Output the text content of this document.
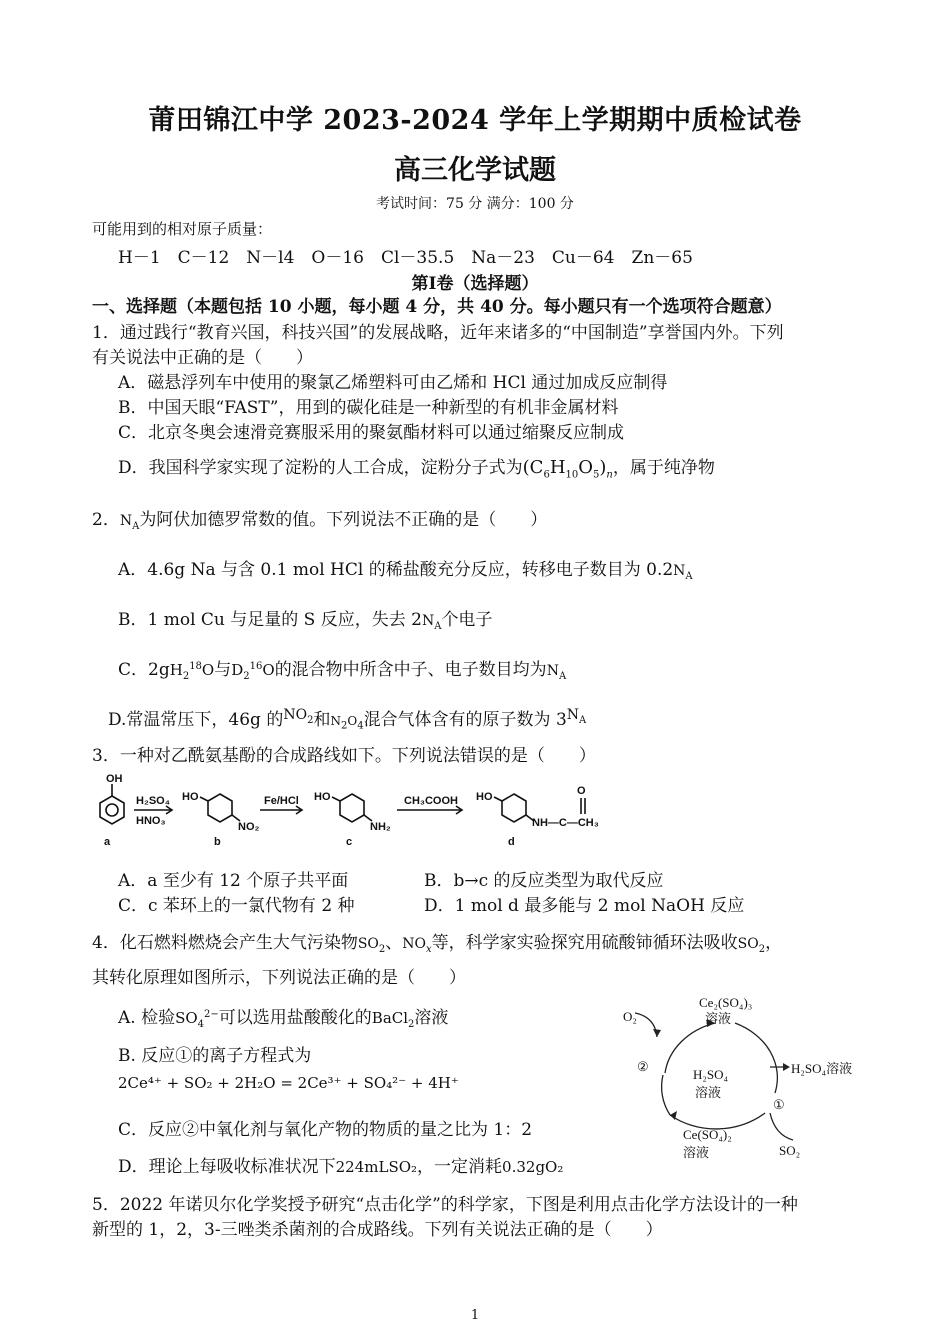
莆田锦江中学 2023-2024 学年上学期期中质检试卷
高三化学试题
考试时间：75 分 满分：100 分
可能用到的相对原子质量：
H－1　C－12　N－l4　O－16　Cl－35.5　Na－23　Cu－64　Zn－65
第Ⅰ卷（选择题）
一、选择题（本题包括 10 小题，每小题 4 分，共 40 分。每小题只有一个选项符合题意）
1．通过践行“教育兴国，科技兴国”的发展战略，近年来诸多的“中国制造”享誉国内外。下列
有关说法中正确的是（　　）
A．磁悬浮列车中使用的聚氯乙烯塑料可由乙烯和 HCl 通过加成反应制得
B．中国天眼“FAST”，用到的碳化硅是一种新型的有机非金属材料
C．北京冬奥会速滑竞赛服采用的聚氨酯材料可以通过缩聚反应制成
D．我国科学家实现了淀粉的人工合成，淀粉分子式为$(C_6H_{10}O_5)_n$，属于纯净物
2．$N_A$为阿伏加德罗常数的值。下列说法不正确的是（　　）
A．4.6g Na 与含 0.1 mol HCl 的稀盐酸充分反应，转移电子数目为 $0.2N_A$
B．1 mol Cu 与足量的 S 反应，失去 $2N_A$个电子
C．$2gH_2^{18}O$与$D_2^{16}O$的混合物中所含中子、电子数目均为$N_A$
D.常温常压下，46g 的$^{NO_2}$和$N_2O_4$混合气体含有的原子数为 $3^{N_A}$
3．一种对乙酰氨基酚的合成路线如下。下列说法错误的是（　　）
OH
a
H₂SO₄
HNO₃
HO
NO₂
b
Fe/HCl HO
NH₂
c
CH₃COOH HO	O
NH—C—CH₃
d
A．a 至少有 12 个原子共平面	B．b→c 的反应类型为取代反应
C．c 苯环上的一氯代物有 2 种	D．1 mol d 最多能与 2 mol NaOH 反应
4．化石燃料燃烧会产生大气污染物$SO_2$、$NO_x$等，科学家实验探究用硫酸铈循环法吸收$SO_2$，
其转化原理如图所示，下列说法正确的是（　　）
A. 检验$SO_4^{2-}$可以选用盐酸酸化的BaCl$_2$溶液
B. 反应①的离子方程式为
2Ce⁴⁺ + SO₂ + 2H₂O = 2Ce³⁺ + SO₄²⁻ + 4H⁺
C．反应②中氧化剂与氧化产物的物质的量之比为 1：2
D．理论上每吸收标准状况下224mLSO₂，一定消耗0.32gO₂
Ce₂(SO₄)₃
溶液
O₂
②
H₂SO₄
溶液
H₂SO₄溶液
①
Ce(SO₄)₂
溶液	SO₂
5．2022 年诺贝尔化学奖授予研究“点击化学”的科学家，下图是利用点击化学方法设计的一种
新型的 1，2，3-三唑类杀菌剂的合成路线。下列有关说法正确的是（　　）
1
